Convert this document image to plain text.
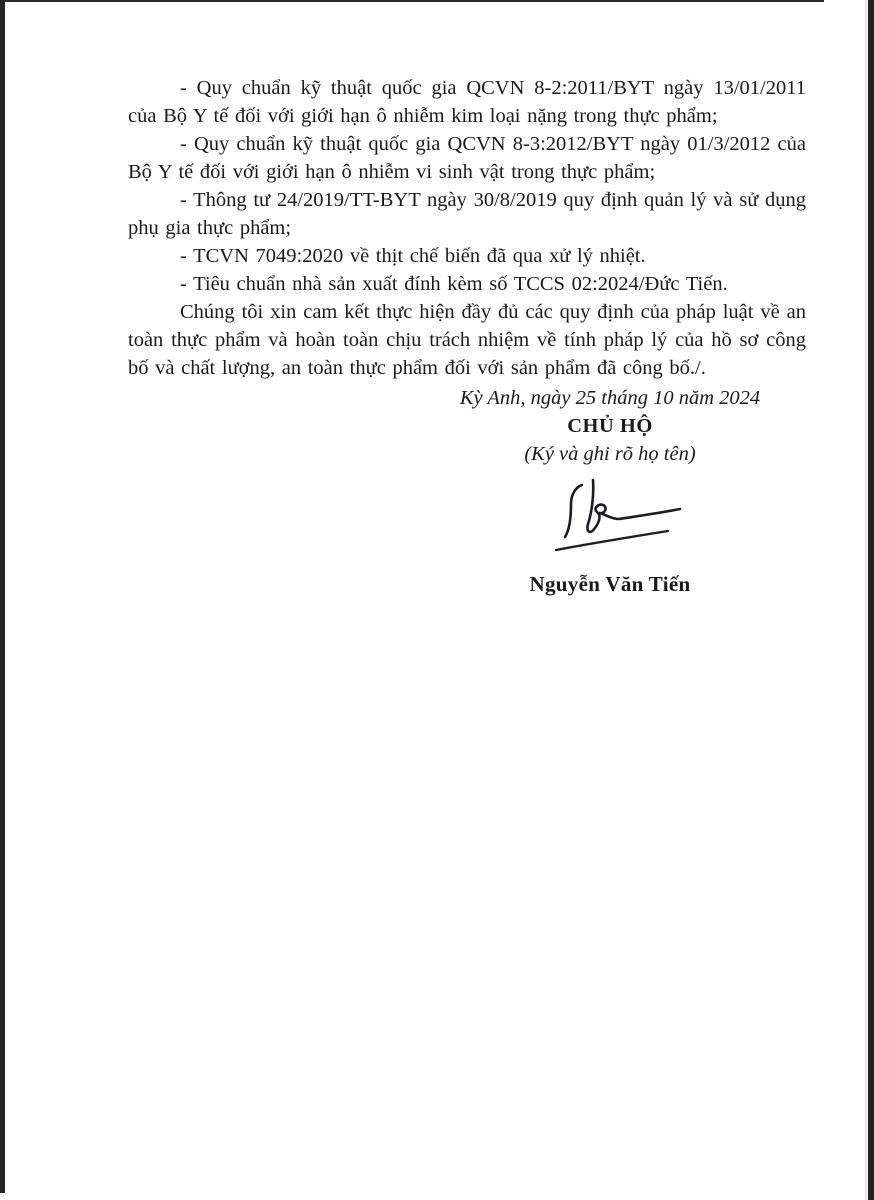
- Quy chuẩn kỹ thuật quốc gia QCVN 8-2:2011/BYT ngày 13/01/2011 của Bộ Y tế đối với giới hạn ô nhiễm kim loại nặng trong thực phẩm;

- Quy chuẩn kỹ thuật quốc gia QCVN 8-3:2012/BYT ngày 01/3/2012 của Bộ Y tế đối với giới hạn ô nhiễm vi sinh vật trong thực phẩm;

- Thông tư 24/2019/TT-BYT ngày 30/8/2019 quy định quản lý và sử dụng phụ gia thực phẩm;

- TCVN 7049:2020 về thịt chế biến đã qua xử lý nhiệt.

- Tiêu chuẩn nhà sản xuất đính kèm số TCCS 02:2024/Đức Tiến.

Chúng tôi xin cam kết thực hiện đầy đủ các quy định của pháp luật về an toàn thực phẩm và hoàn toàn chịu trách nhiệm về tính pháp lý của hồ sơ công bố và chất lượng, an toàn thực phẩm đối với sản phẩm đã công bố./.

Kỳ Anh, ngày 25 tháng 10 năm 2024
CHỦ HỘ
(Ký và ghi rõ họ tên)
Nguyễn Văn Tiến
